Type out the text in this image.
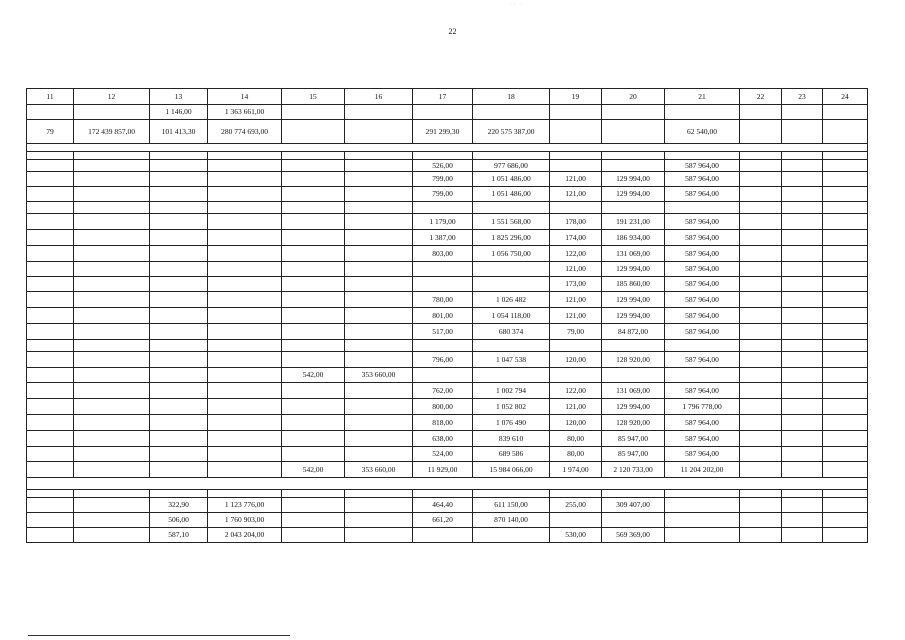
˙ ˙   ˙
22
11	12	13	14	15	16	17	18	19	20	21	22	23	24
		1 146,00	1 363 661,00										
79	172 439 857,00	101 413,30	280 774 693,00			291 299,30	220 575 387,00			62 540,00			

						526,00	977 686,00			587 964,00			
						799,00	1 051 486,00	121,00	129 994,00	587 964,00			
						799,00	1 051 486,00	121,00	129 994,00	587 964,00			

						1 179,00	1 551 568,00	178,00	191 231,00	587 964,00			
						1 387,00	1 825 296,00	174,00	186 934,00	587 964,00			
						803,00	1 056 750,00	122,00	131 069,00	587 964,00			
								121,00	129 994,00	587 964,00			
								173,00	185 860,00	587 964,00			
						780,00	1 026 482	121,00	129 994,00	587 964,00			
						801,00	1 054 118,00	121,00	129 994,00	587 964,00			
						517,00	680 374	79,00	84 872,00	587 964,00			

						796,00	1 047 538	120,00	128 920,00	587 964,00			
				542,00	353 660,00								
						762,00	1 002 794	122,00	131 069,00	587 964,00			
						800,00	1 052 802	121,00	129 994,00	1 796 778,00			
						818,00	1 076 490	120,00	128 920,00	587 964,00			
						638,00	839 610	80,00	85 947,00	587 964,00			
						524,00	689 586	80,00	85 947,00	587 964,00			
				542,00	353 660,00	11 929,00	15 984 066,00	1 974,00	2 120 733,00	11 204 202,00			

		322,90	1 123 776,00			464,40	611 150,00	255,00	309 407,00				
		506,00	1 760 903,00			661,20	870 140,00						
		587,10	2 043 204,00					530,00	569 369,00				
